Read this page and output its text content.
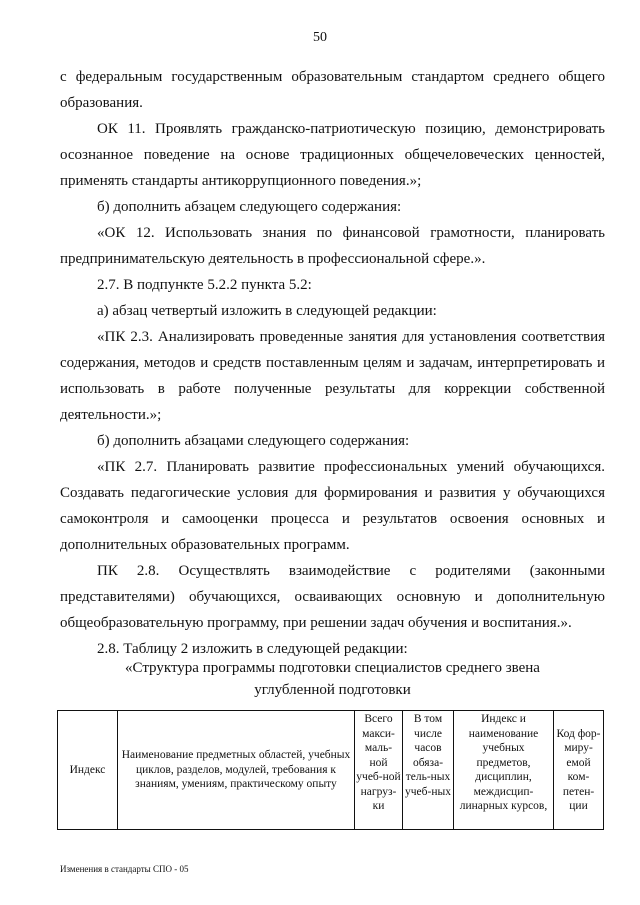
50

с федеральным государственным образовательным стандартом среднего общего образования.

ОК 11. Проявлять гражданско-патриотическую позицию, демонстрировать осознанное поведение на основе традиционных общечеловеческих ценностей, применять стандарты антикоррупционного поведения.»;

б) дополнить абзацем следующего содержания:

«ОК 12. Использовать знания по финансовой грамотности, планировать предпринимательскую деятельность в профессиональной сфере.».

2.7. В подпункте 5.2.2 пункта 5.2:

а) абзац четвертый изложить в следующей редакции:

«ПК 2.3. Анализировать проведенные занятия для установления соответствия содержания, методов и средств поставленным целям и задачам, интерпретировать и использовать в работе полученные результаты для коррекции собственной деятельности.»;

б) дополнить абзацами следующего содержания:

«ПК 2.7. Планировать развитие профессиональных умений обучающихся. Создавать педагогические условия для формирования и развития у обучающихся самоконтроля и самооценки процесса и результатов освоения основных и дополнительных образовательных программ.

ПК 2.8. Осуществлять взаимодействие с родителями (законными представителями) обучающихся, осваивающих основную и дополнительную общеобразовательную программу, при решении задач обучения и воспитания.».

2.8. Таблицу 2 изложить в следующей редакции:

«Структура программы подготовки специалистов среднего звена
углубленной подготовки
Индекс	Наименование предметных областей, учебных циклов, разделов, модулей, требования к знаниям, умениям, практическому опыту	Всего макси-маль-ной учеб-ной нагруз-ки	В том числе часов обяза-тель-ных учеб-ных	Индекс и наименование учебных предметов, дисциплин, междисцип-линарных курсов,	Код фор-миру-емой ком-петен-ции
Изменения в стандарты СПО - 05
